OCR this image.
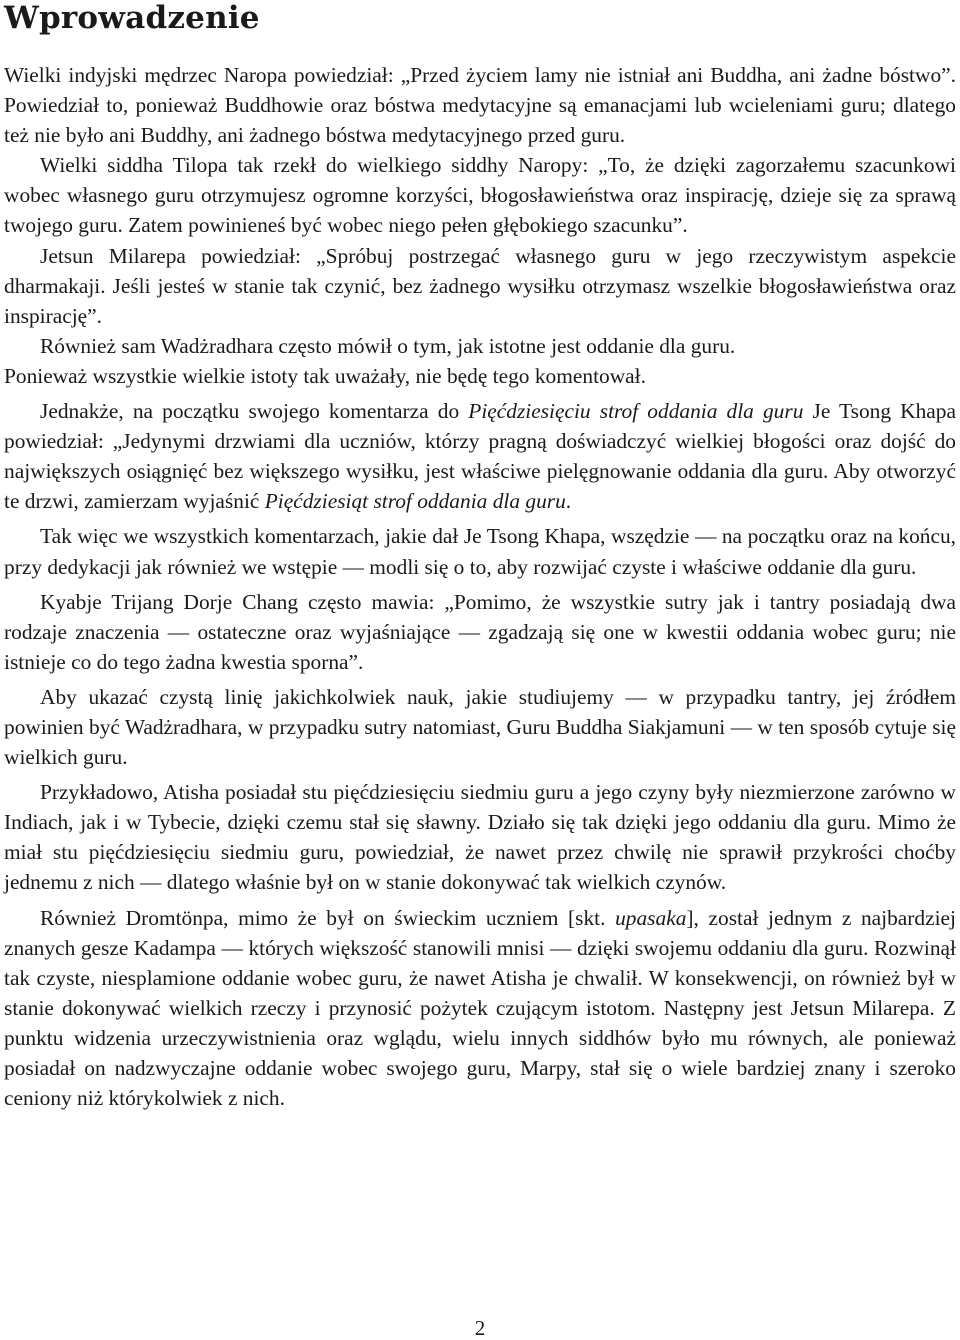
Wprowadzenie

Wielki indyjski mędrzec Naropa powiedział: „Przed życiem lamy nie istniał ani Buddha, ani żadne bóstwo”. Powiedział to, ponieważ Buddhowie oraz bóstwa medytacyjne są emanacjami lub wcieleniami guru; dlatego też nie było ani Buddhy, ani żadnego bóstwa medytacyjnego przed guru.

Wielki siddha Tilopa tak rzekł do wielkiego siddhy Naropy: „To, że dzięki zagorzałemu szacunkowi wobec własnego guru otrzymujesz ogromne korzyści, błogosławieństwa oraz inspirację, dzieje się za sprawą twojego guru. Zatem powinieneś być wobec niego pełen głębokiego szacunku”.

Jetsun Milarepa powiedział: „Spróbuj postrzegać własnego guru w jego rzeczywistym aspekcie dharmakaji. Jeśli jesteś w stanie tak czynić, bez żadnego wysiłku otrzymasz wszelkie błogosławieństwa oraz inspirację”.

Również sam Wadżradhara często mówił o tym, jak istotne jest oddanie dla guru.

Ponieważ wszystkie wielkie istoty tak uważały, nie będę tego komentował.

Jednakże, na początku swojego komentarza do Pięćdziesięciu strof oddania dla guru Je Tsong Khapa powiedział: „Jedynymi drzwiami dla uczniów, którzy pragną doświadczyć wielkiej błogości oraz dojść do największych osiągnięć bez większego wysiłku, jest właściwe pielęgnowanie oddania dla guru. Aby otworzyć te drzwi, zamierzam wyjaśnić Pięćdziesiąt strof oddania dla guru.

Tak więc we wszystkich komentarzach, jakie dał Je Tsong Khapa, wszędzie — na początku oraz na końcu, przy dedykacji jak również we wstępie — modli się o to, aby rozwijać czyste i właściwe oddanie dla guru.

Kyabje Trijang Dorje Chang często mawia: „Pomimo, że wszystkie sutry jak i tantry posiadają dwa rodzaje znaczenia — ostateczne oraz wyjaśniające — zgadzają się one w kwestii oddania wobec guru; nie istnieje co do tego żadna kwestia sporna”.

Aby ukazać czystą linię jakichkolwiek nauk, jakie studiujemy — w przypadku tantry, jej źródłem powinien być Wadżradhara, w przypadku sutry natomiast, Guru Buddha Siakjamuni — w ten sposób cytuje się wielkich guru.

Przykładowo, Atisha posiadał stu pięćdziesięciu siedmiu guru a jego czyny były niezmierzone zarówno w Indiach, jak i w Tybecie, dzięki czemu stał się sławny. Działo się tak dzięki jego oddaniu dla guru. Mimo że miał stu pięćdziesięciu siedmiu guru, powiedział, że nawet przez chwilę nie sprawił przykrości choćby jednemu z nich — dlatego właśnie był on w stanie dokonywać tak wielkich czynów.

Również Dromtönpa, mimo że był on świeckim uczniem [skt. upasaka], został jednym z najbardziej znanych gesze Kadampa — których większość stanowili mnisi — dzięki swojemu oddaniu dla guru. Rozwinął tak czyste, niesplamione oddanie wobec guru, że nawet Atisha je chwalił. W konsekwencji, on również był w stanie dokonywać wielkich rzeczy i przynosić pożytek czującym istotom. Następny jest Jetsun Milarepa. Z punktu widzenia urzeczywistnienia oraz wglądu, wielu innych siddhów było mu równych, ale ponieważ posiadał on nadzwyczajne oddanie wobec swojego guru, Marpy, stał się o wiele bardziej znany i szeroko ceniony niż którykolwiek z nich.

2
